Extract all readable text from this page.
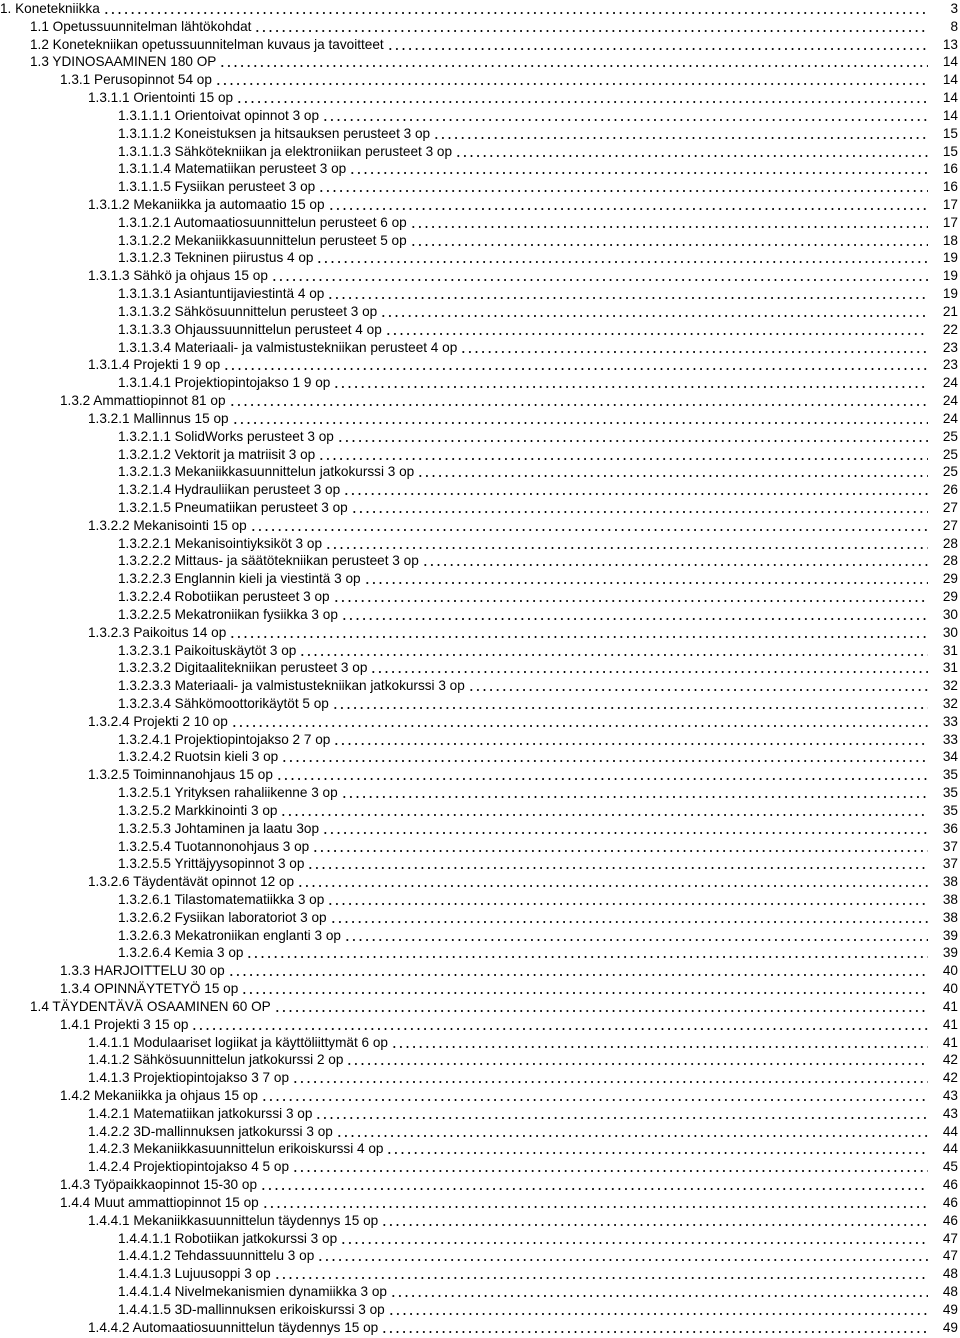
1. Konetekniikka	3
1.1 Opetussuunnitelman lähtökohdat	8
1.2 Konetekniikan opetussuunnitelman kuvaus ja tavoitteet	13
1.3 YDINOSAAMINEN 180 OP	14
1.3.1 Perusopinnot 54 op	14
1.3.1.1 Orientointi 15 op	14
1.3.1.1.1 Orientoivat opinnot 3 op	14
1.3.1.1.2 Koneistuksen ja hitsauksen perusteet 3 op	15
1.3.1.1.3 Sähkötekniikan ja elektroniikan perusteet 3 op	15
1.3.1.1.4 Matematiikan perusteet 3 op	16
1.3.1.1.5 Fysiikan perusteet 3 op	16
1.3.1.2 Mekaniikka ja automaatio 15 op	17
1.3.1.2.1 Automaatiosuunnittelun perusteet 6 op	17
1.3.1.2.2 Mekaniikkasuunnittelun perusteet 5 op	18
1.3.1.2.3 Tekninen piirustus 4 op	19
1.3.1.3 Sähkö ja ohjaus 15 op	19
1.3.1.3.1 Asiantuntijaviestintä 4 op	19
1.3.1.3.2 Sähkösuunnittelun perusteet 3 op	21
1.3.1.3.3 Ohjaussuunnittelun perusteet 4 op	22
1.3.1.3.4 Materiaali- ja valmistustekniikan perusteet 4 op	23
1.3.1.4 Projekti 1 9 op	23
1.3.1.4.1 Projektiopintojakso 1 9 op	24
1.3.2 Ammattiopinnot 81 op	24
1.3.2.1 Mallinnus 15 op	24
1.3.2.1.1 SolidWorks perusteet 3 op	25
1.3.2.1.2 Vektorit ja matriisit 3 op	25
1.3.2.1.3 Mekaniikkasuunnittelun jatkokurssi 3 op	25
1.3.2.1.4 Hydrauliikan perusteet 3 op	26
1.3.2.1.5 Pneumatiikan perusteet 3 op	27
1.3.2.2 Mekanisointi 15 op	27
1.3.2.2.1 Mekanisointiyksiköt 3 op	28
1.3.2.2.2 Mittaus- ja säätötekniikan perusteet 3 op	28
1.3.2.2.3 Englannin kieli ja viestintä 3 op	29
1.3.2.2.4 Robotiikan perusteet 3 op	29
1.3.2.2.5 Mekatroniikan fysiikka 3 op	30
1.3.2.3 Paikoitus 14 op	30
1.3.2.3.1 Paikoituskäytöt 3 op	31
1.3.2.3.2 Digitaalitekniikan perusteet 3 op	31
1.3.2.3.3 Materiaali- ja valmistustekniikan jatkokurssi 3 op	32
1.3.2.3.4 Sähkömoottorikäytöt 5 op	32
1.3.2.4 Projekti 2 10 op	33
1.3.2.4.1 Projektiopintojakso 2 7 op	33
1.3.2.4.2 Ruotsin kieli 3 op	34
1.3.2.5 Toiminnanohjaus 15 op	35
1.3.2.5.1 Yrityksen rahaliikenne 3 op	35
1.3.2.5.2 Markkinointi 3 op	35
1.3.2.5.3 Johtaminen ja laatu 3op	36
1.3.2.5.4 Tuotannonohjaus 3 op	37
1.3.2.5.5 Yrittäjyysopinnot 3 op	37
1.3.2.6 Täydentävät opinnot 12 op	38
1.3.2.6.1 Tilastomatematiikka 3 op	38
1.3.2.6.2 Fysiikan laboratoriot 3 op	38
1.3.2.6.3 Mekatroniikan englanti 3 op	39
1.3.2.6.4 Kemia 3 op	39
1.3.3 HARJOITTELU 30 op	40
1.3.4 OPINNÄYTETYÖ 15 op	40
1.4 TÄYDENTÄVÄ OSAAMINEN 60 OP	41
1.4.1 Projekti 3 15 op	41
1.4.1.1 Modulaariset logiikat ja käyttöliittymät 6 op	41
1.4.1.2 Sähkösuunnittelun jatkokurssi 2 op	42
1.4.1.3 Projektiopintojakso 3 7 op	42
1.4.2 Mekaniikka ja ohjaus 15 op	43
1.4.2.1 Matematiikan jatkokurssi 3 op	43
1.4.2.2 3D-mallinnuksen jatkokurssi 3 op	44
1.4.2.3 Mekaniikkasuunnittelun erikoiskurssi 4 op	44
1.4.2.4 Projektiopintojakso 4 5 op	45
1.4.3 Työpaikkaopinnot 15-30 op	46
1.4.4 Muut ammattiopinnot 15 op	46
1.4.4.1 Mekaniikkasuunnittelun täydennys 15 op	46
1.4.4.1.1 Robotiikan jatkokurssi 3 op	47
1.4.4.1.2 Tehdassuunnittelu 3 op	47
1.4.4.1.3 Lujuusoppi 3 op	48
1.4.4.1.4 Nivelmekanismien dynamiikka 3 op	48
1.4.4.1.5 3D-mallinnuksen erikoiskurssi 3 op	49
1.4.4.2 Automaatiosuunnittelun täydennys 15 op	49
